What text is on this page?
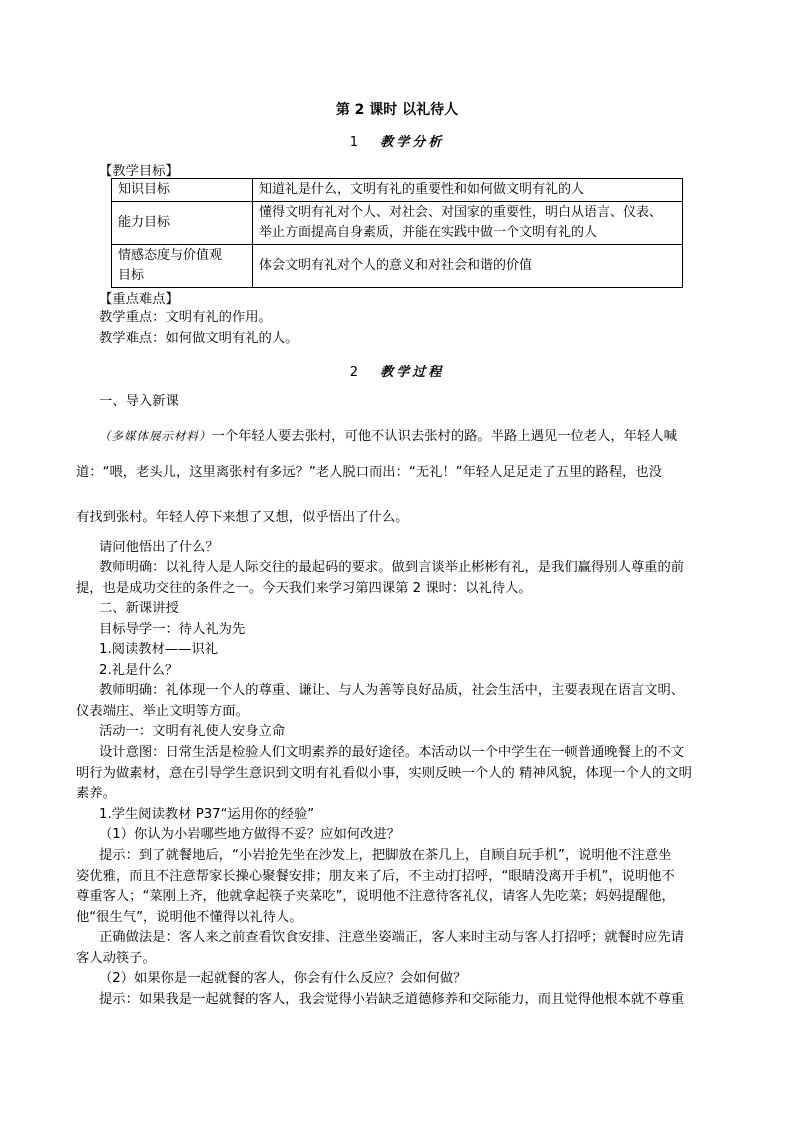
第 2 课时 以礼待人
1 教学分析
【教学目标】
知识目标	知道礼是什么，文明有礼的重要性和如何做文明有礼的人
能力目标	懂得文明有礼对个人、对社会、对国家的重要性，明白从语言、仪表、
举止方面提高自身素质，并能在实践中做一个文明有礼的人

情感态度与价值观
目标	体会文明有礼对个人的意义和对社会和谐的价值
【重点难点】
教学重点：文明有礼的作用。
教学难点：如何做文明有礼的人。
2 教学过程
一、导入新课
（多媒体展示材料）一个年轻人要去张村，可他不认识去张村的路。半路上遇见一位老人，年轻人喊
道：“喂，老头儿，这里离张村有多远？”老人脱口而出：“无礼！”年轻人足足走了五里的路程，也没
有找到张村。年轻人停下来想了又想，似乎悟出了什么。
请问他悟出了什么？
教师明确：以礼待人是人际交往的最起码的要求。做到言谈举止彬彬有礼，是我们赢得别人尊重的前
提，也是成功交往的条件之一。今天我们来学习第四课第 2 课时：以礼待人。
二、新课讲授
目标导学一：待人礼为先
1.阅读教材——识礼
2.礼是什么？
教师明确：礼体现一个人的尊重、谦让、与人为善等良好品质，社会生活中，主要表现在语言文明、
仪表端庄、举止文明等方面。
活动一：文明有礼使人安身立命
设计意图：日常生活是检验人们文明素养的最好途径。本活动以一个中学生在一顿普通晚餐上的不文
明行为做素材，意在引导学生意识到文明有礼看似小事，实则反映一个人的 精神风貌，体现一个人的文明
素养。
1.学生阅读教材 P37“运用你的经验”
（1）你认为小岩哪些地方做得不妥？应如何改进？
提示：到了就餐地后，“小岩抢先坐在沙发上，把脚放在茶几上，自顾自玩手机”，说明他不注意坐
姿优雅，而且不注意帮家长操心聚餐安排；朋友来了后，不主动打招呼，“眼睛没离开手机”，说明他不
尊重客人；“菜刚上齐，他就拿起筷子夹菜吃”，说明他不注意待客礼仪，请客人先吃菜；妈妈提醒他，
他“很生气”，说明他不懂得以礼待人。
正确做法是：客人来之前查看饮食安排、注意坐姿端正，客人来时主动与客人打招呼；就餐时应先请
客人动筷子。
（2）如果你是一起就餐的客人，你会有什么反应？会如何做？
提示：如果我是一起就餐的客人，我会觉得小岩缺乏道德修养和交际能力，而且觉得他根本就不尊重
